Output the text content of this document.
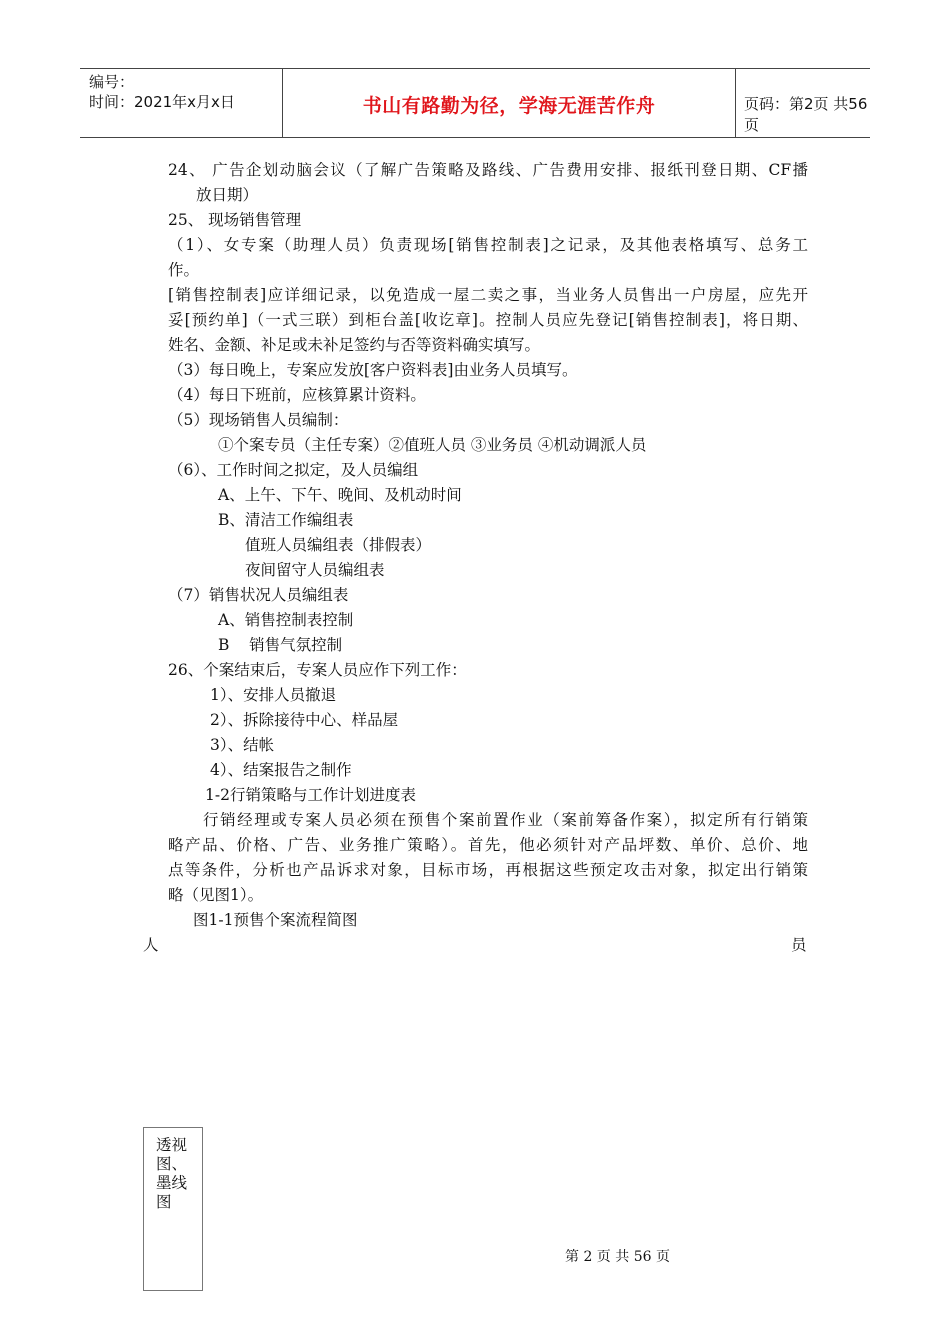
编号：
时间：2021年x月x日	书山有路勤为径，学海无涯苦作舟	页码：第2页 共56页
24、 广告企划动脑会议（了解广告策略及路线、广告费用安排、报纸刊登日期、CF播
放日期）
25、 现场销售管理
（1）、女专案（助理人员）负责现场[销售控制表]之记录，及其他表格填写、总务工
作。
[销售控制表]应详细记录，以免造成一屋二卖之事，当业务人员售出一户房屋，应先开
妥[预约单]（一式三联）到柜台盖[收讫章]。控制人员应先登记[销售控制表]，将日期、
姓名、金额、补足或未补足签约与否等资料确实填写。
（3）每日晚上，专案应发放[客户资料表]由业务人员填写。
（4）每日下班前，应核算累计资料。
（5）现场销售人员编制：
①个案专员（主任专案）②值班人员 ③业务员 ④机动调派人员
（6）、工作时间之拟定，及人员编组
A、上午、下午、晚间、及机动时间
B、清洁工作编组表
值班人员编组表（排假表）
夜间留守人员编组表
（7）销售状况人员编组表
A、销售控制表控制
B    销售气氛控制
26、个案结束后，专案人员应作下列工作：
1）、安排人员撤退
2）、拆除接待中心、样品屋
3）、结帐
4）、结案报告之制作
1-2行销策略与工作计划进度表
行销经理或专案人员必须在预售个案前置作业（案前筹备作案），拟定所有行销策
略产品、价格、广告、业务推广策略）。首先，他必须针对产品坪数、单价、总价、地
点等条件，分析也产品诉求对象，目标市场，再根据这些预定攻击对象，拟定出行销策
略（见图1）。
图1-1预售个案流程简图
人	员
透视
图、
墨线
图
第 2 页 共 56 页
